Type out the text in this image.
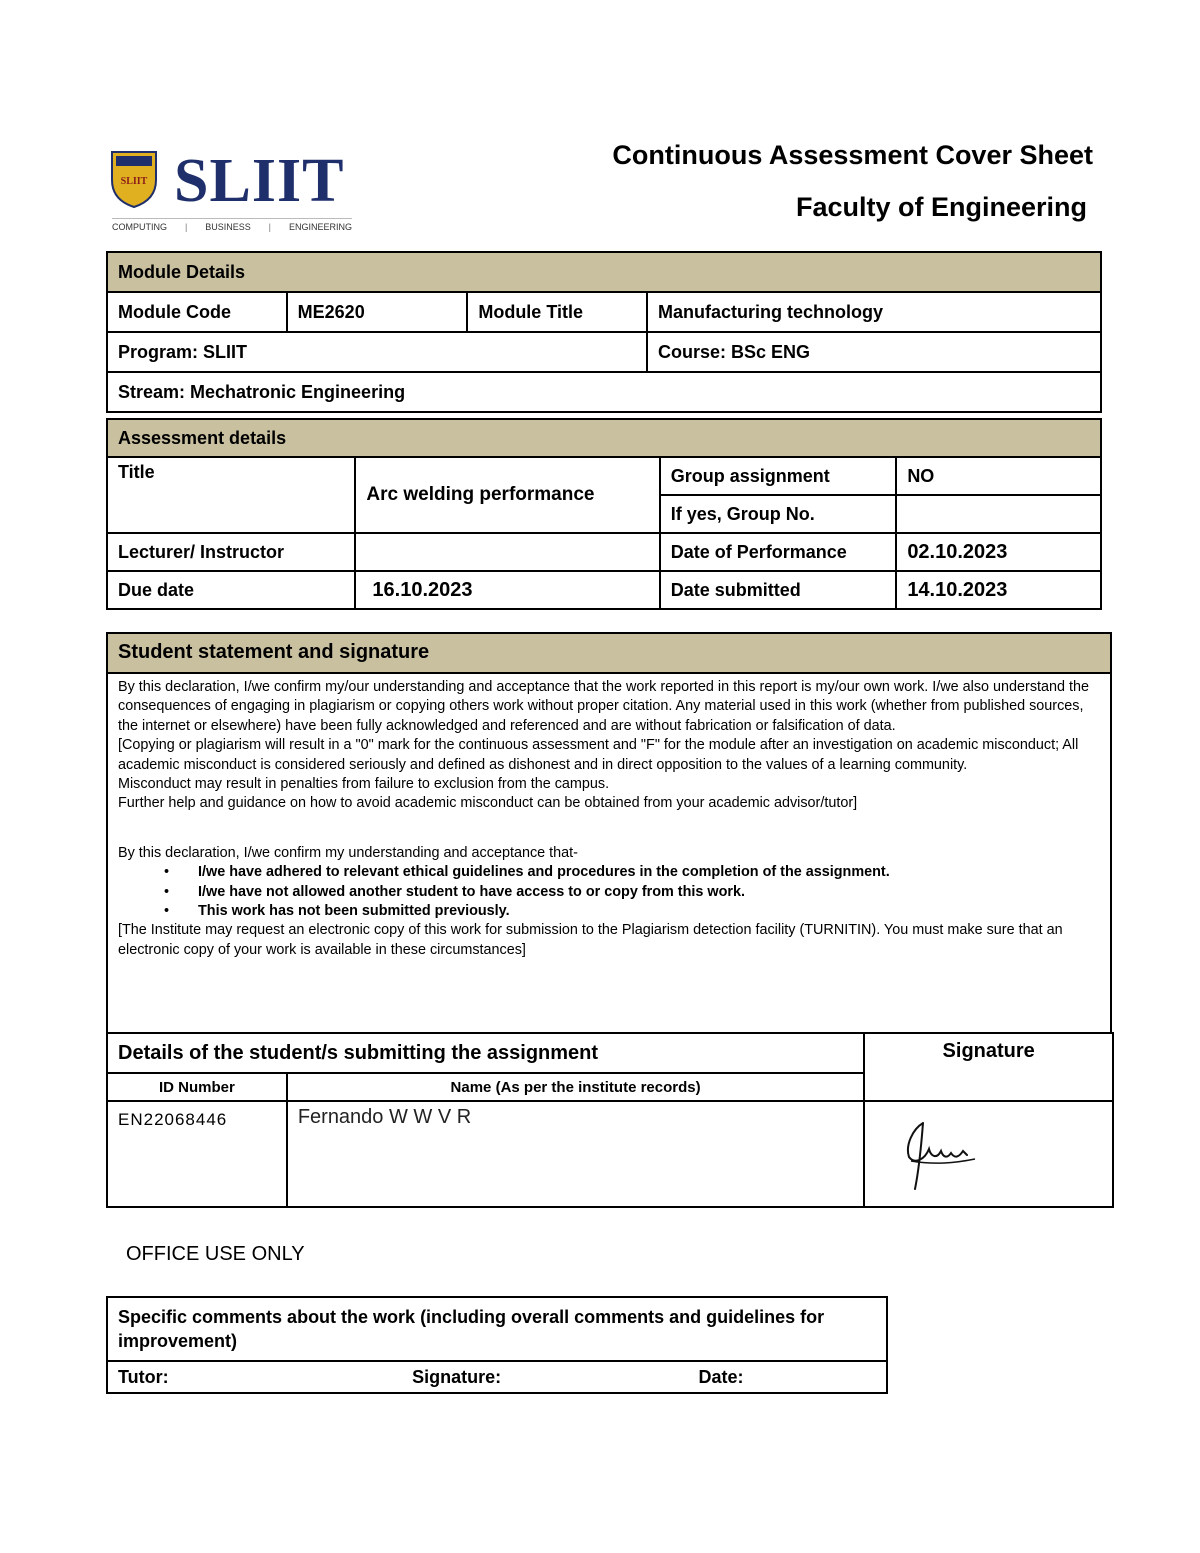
SLIIT SLIIT
COMPUTING | BUSINESS | ENGINEERING
Continuous Assessment Cover Sheet
Faculty of Engineering
Module Details			
Module Code	ME2620	Module Title	Manufacturing technology
Program: SLIIT			Course: BSc ENG
Stream: Mechatronic Engineering			
Assessment details			
Title	Arc welding performance	Group assignment	NO
		If yes, Group No.	
Lecturer/ Instructor		Date of Performance	02.10.2023
Due date	16.10.2023	Date submitted	14.10.2023
Student statement and signature

By this declaration, I/we confirm my/our understanding and acceptance that the work reported in this report is my/our own work. I/we also understand the consequences of engaging in plagiarism or copying others work without proper citation. Any material used in this work (whether from published sources, the internet or elsewhere) have been fully acknowledged and referenced and are without fabrication or falsification of data.

[Copying or plagiarism will result in a "0" mark for the continuous assessment and "F" for the module after an investigation on academic misconduct; All academic misconduct is considered seriously and defined as dishonest and in direct opposition to the values of a learning community.

Misconduct may result in penalties from failure to exclusion from the campus.

Further help and guidance on how to avoid academic misconduct can be obtained from your academic advisor/tutor]

By this declaration, I/we confirm my understanding and acceptance that-

• I/we have adhered to relevant ethical guidelines and procedures in the completion of the assignment.
• I/we have not allowed another student to have access to or copy from this work.
• This work has not been submitted previously.

[The Institute may request an electronic copy of this work for submission to the Plagiarism detection facility (TURNITIN). You must make sure that an electronic copy of your work is available in these circumstances]

Details of the student/s submitting the assignment		Signature
ID Number	Name (As per the institute records)	
EN22068446	Fernando W W V R	
OFFICE USE ONLY
Specific comments about the work (including overall comments and guidelines for improvement)
Tutor:	Signature:	Date:
